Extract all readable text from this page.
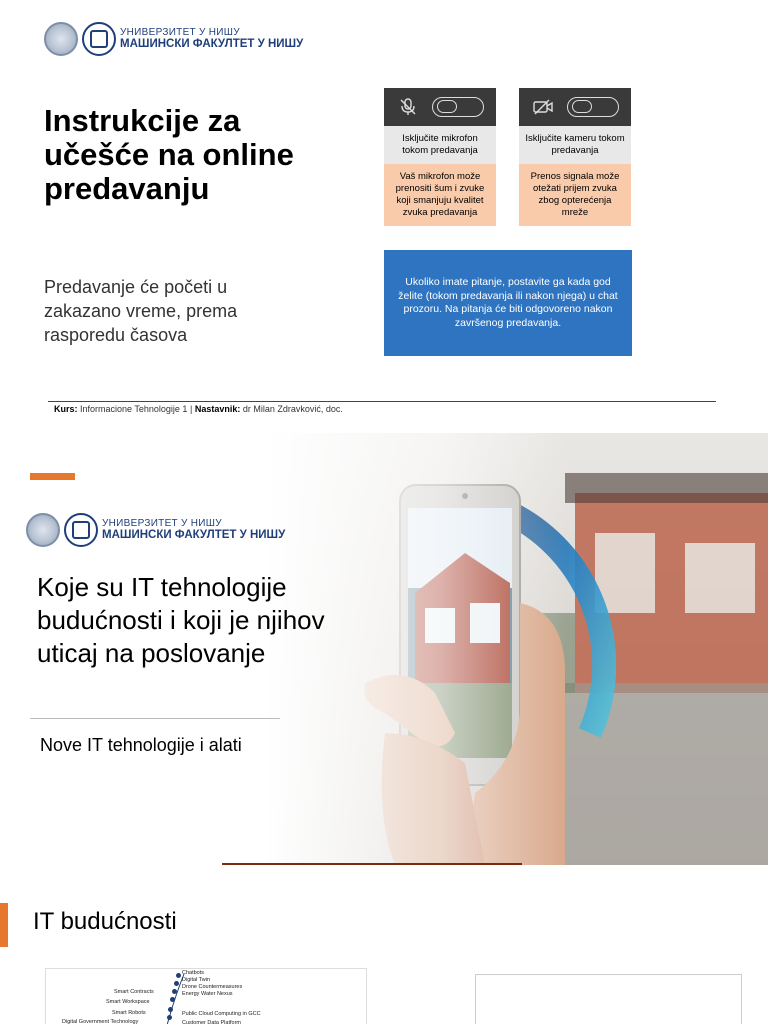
УНИВЕРЗИТЕТ У НИШУ
МАШИНСКИ ФАКУЛТЕТ У НИШУ
Instrukcije za učešće na online predavanju
Predavanje će početi u zakazano vreme, prema rasporedu časova
Isključite mikrofon tokom predavanja
Vaš mikrofon može prenositi šum i zvuke koji smanjuju kvalitet zvuka predavanja
Isključite kameru tokom predavanja
Prenos signala može otežati prijem zvuka zbog opterećenja mreže
Ukoliko imate pitanje, postavite ga kada god želite (tokom predavanja ili nakon njega) u chat prozoru. Na pitanja će biti odgovoreno nakon završenog predavanja.
Kurs: Informacione Tehnologije 1 | Nastavnik: dr Milan Zdravković, doc.
УНИВЕРЗИТЕТ У НИШУ
МАШИНСКИ ФАКУЛТЕТ У НИШУ
Koje su IT tehnologije budućnosti i koji je njihov uticaj na poslovanje
Nove IT tehnologije i alati
IT budućnosti
Smart Contracts
Smart Workspace
Smart Robots
Digital Government Technology
Chatbots
Digital Twin
Drone Countermeasures
Energy Water Nexus
Public Cloud Computing in GCC
Customer Data Platform
